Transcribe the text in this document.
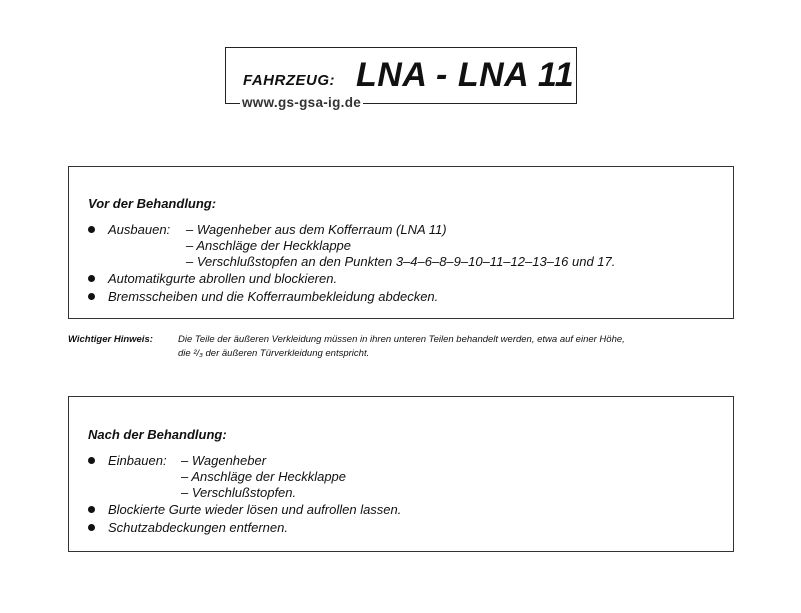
FAHRZEUG: LNA - LNA 11
www.gs-gsa-ig.de
Vor der Behandlung:
Ausbauen: – Wagenheber aus dem Kofferraum (LNA 11)
– Anschläge der Heckklappe
– Verschlußstopfen an den Punkten 3–4–6–8–9–10–11–12–13–16 und 17.
Automatikgurte abrollen und blockieren.
Bremsscheiben und die Kofferraumbekleidung abdecken.
Wichtiger Hinweis:	Die Teile der äußeren Verkleidung müssen in ihren unteren Teilen behandelt werden, etwa auf einer Höhe,
die ²/₃ der äußeren Türverkleidung entspricht.
Nach der Behandlung:
Einbauen: – Wagenheber
– Anschläge der Heckklappe
– Verschlußstopfen.
Blockierte Gurte wieder lösen und aufrollen lassen.
Schutzabdeckungen entfernen.
